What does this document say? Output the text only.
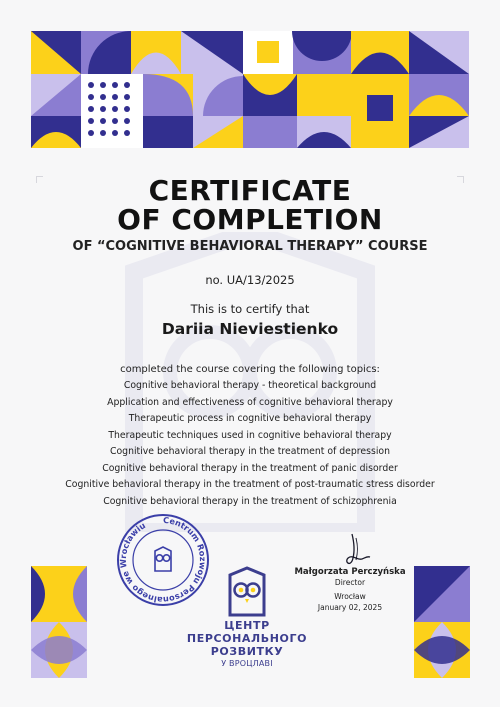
CERTIFICATE
OF COMPLETION
OF “COGNITIVE BEHAVIORAL THERAPY” COURSE
no. UA/13/2025
This is to certify that
Dariia Nieviestienko
completed the course covering the following topics:
Cognitive behavioral therapy - theoretical background
Application and effectiveness of cognitive behavioral therapy
Therapeutic process in cognitive behavioral therapy
Therapeutic techniques used in cognitive behavioral therapy
Cognitive behavioral therapy in the treatment of depression
Cognitive behavioral therapy in the treatment of panic disorder
Cognitive behavioral therapy in the treatment of post-traumatic stress disorder
Cognitive behavioral therapy in the treatment of schizophrenia
Centrum Rozwoju Personalnego we Wrocławiu
ЦЕНТР
ПЕРСОНАЛЬНОГО
РОЗВИТКУ
У ВРОЦЛАВІ
Małgorzata Perczyńska
Director
Wrocław
January 02, 2025
